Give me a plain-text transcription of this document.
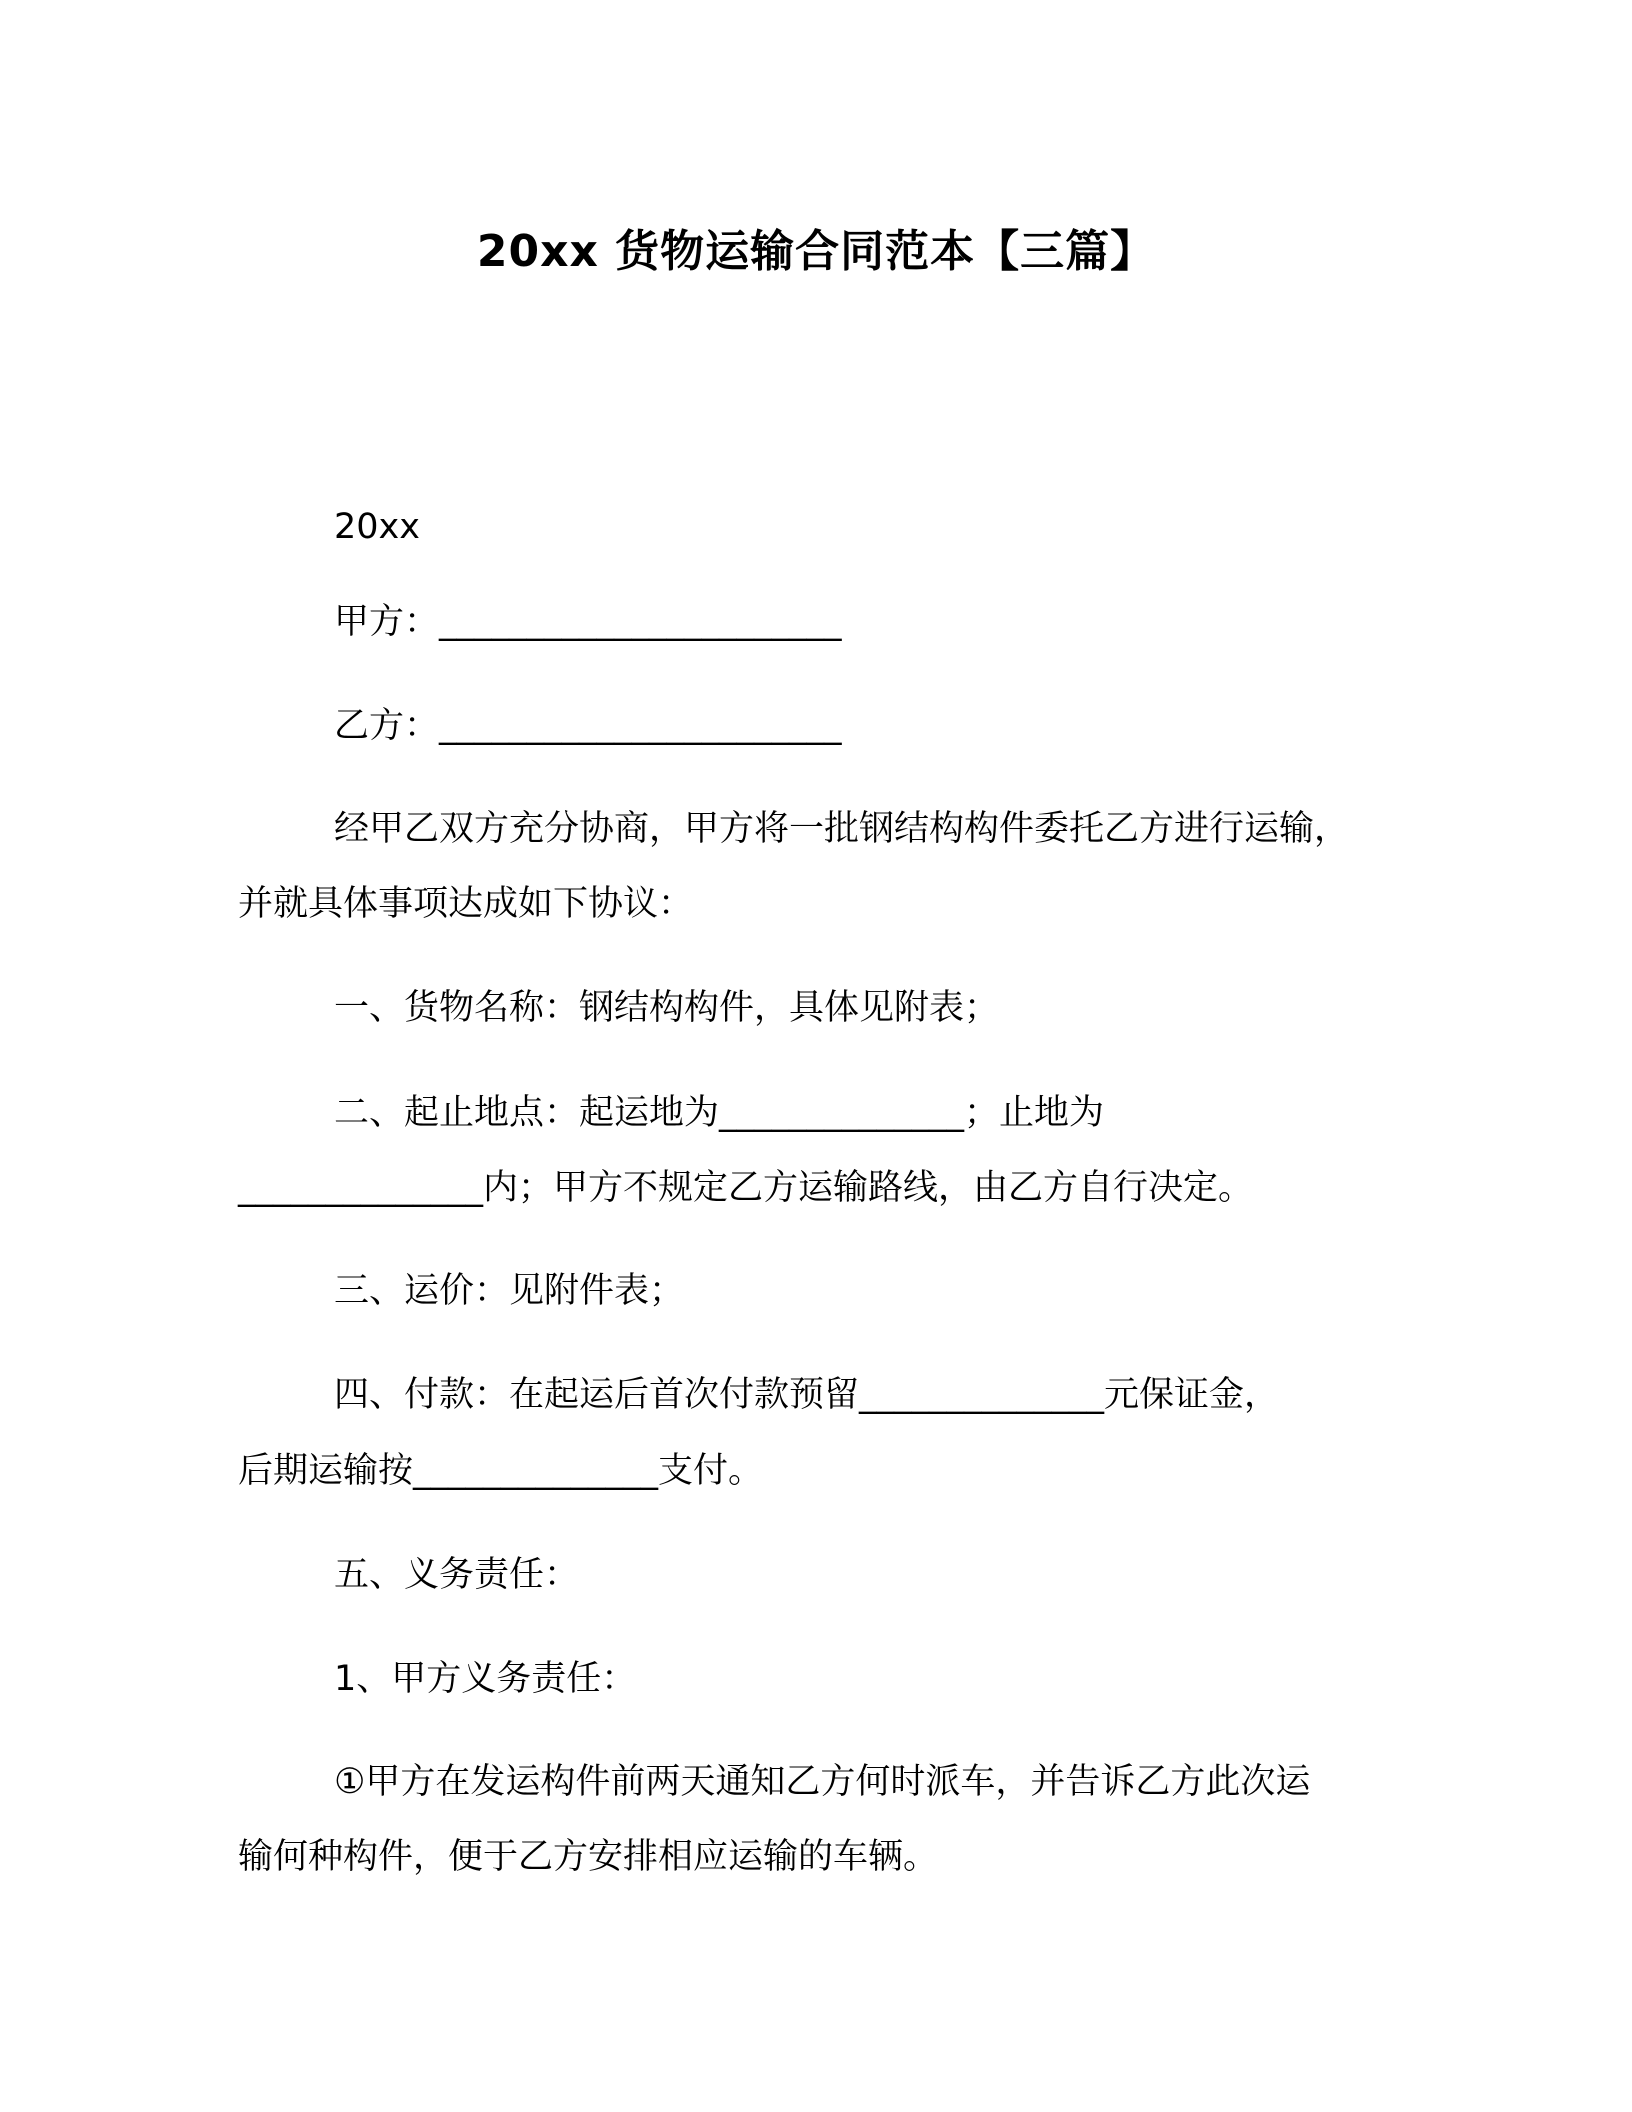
20xx 货物运输合同范本【三篇】
20xx
甲方：_______________________
乙方：_______________________
经甲乙双方充分协商，甲方将一批钢结构构件委托乙方进行运输，
并就具体事项达成如下协议：
一、货物名称：钢结构构件，具体见附表；
二、起止地点：起运地为______________；止地为
______________内；甲方不规定乙方运输路线，由乙方自行决定。
三、运价：见附件表；
四、付款：在起运后首次付款预留______________元保证金，
后期运输按______________支付。
五、义务责任：
1、甲方义务责任：
①甲方在发运构件前两天通知乙方何时派车，并告诉乙方此次运
输何种构件，便于乙方安排相应运输的车辆。
